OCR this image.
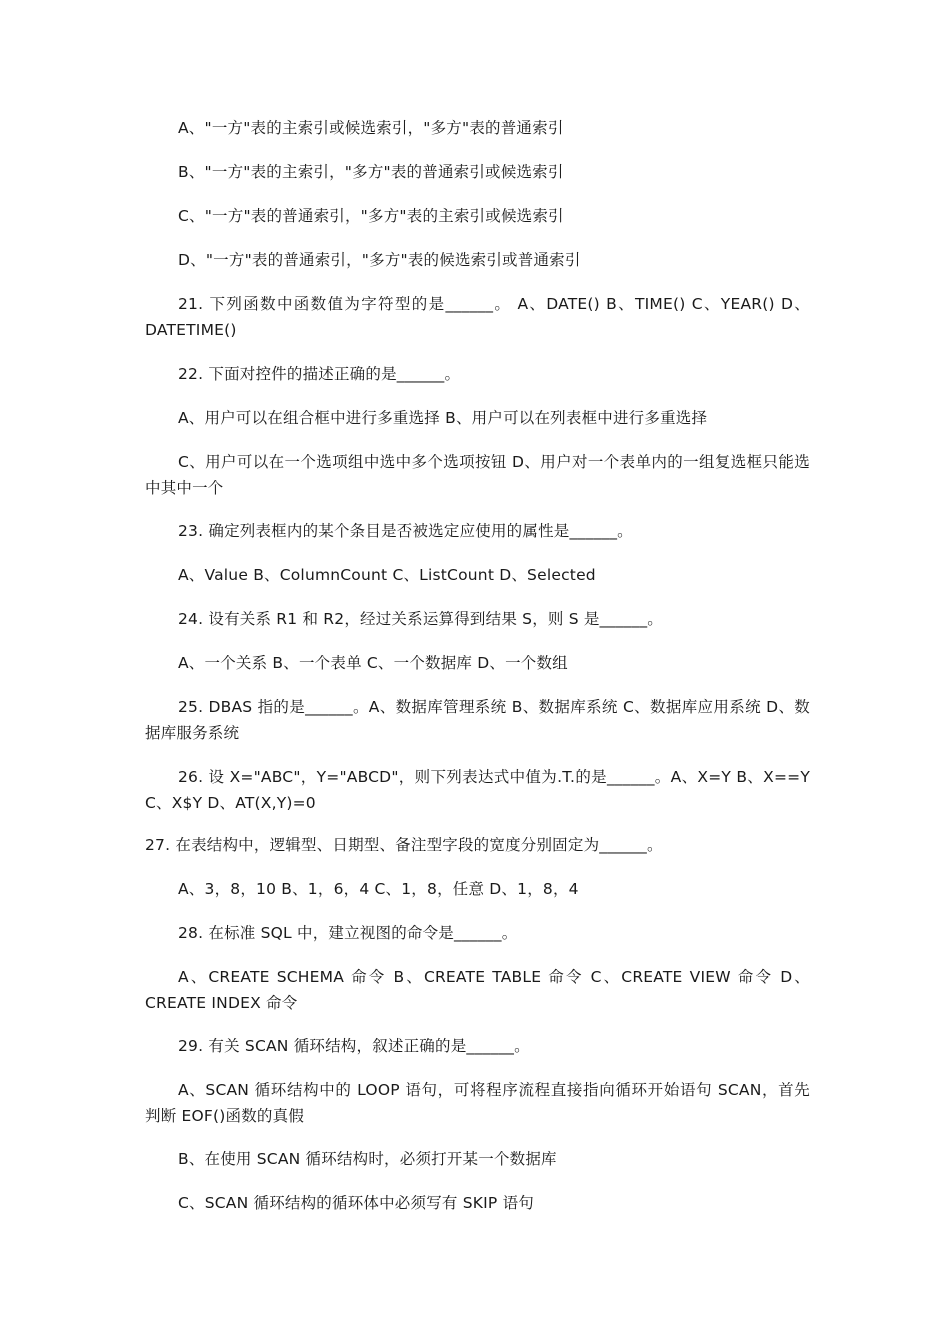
A、"一方"表的主索引或候选索引，"多方"表的普通索引
B、"一方"表的主索引，"多方"表的普通索引或候选索引
C、"一方"表的普通索引，"多方"表的主索引或候选索引
D、"一方"表的普通索引，"多方"表的候选索引或普通索引
21. 下列函数中函数值为字符型的是______。 A、DATE() B、TIME() C、YEAR() D、DATETIME()
22. 下面对控件的描述正确的是______。
A、用户可以在组合框中进行多重选择 B、用户可以在列表框中进行多重选择
C、用户可以在一个选项组中选中多个选项按钮 D、用户对一个表单内的一组复选框只能选中其中一个
23. 确定列表框内的某个条目是否被选定应使用的属性是______。
A、Value B、ColumnCount C、ListCount D、Selected
24. 设有关系 R1 和 R2，经过关系运算得到结果 S，则 S 是______。
A、一个关系 B、一个表单 C、一个数据库 D、一个数组
25. DBAS 指的是______。A、数据库管理系统 B、数据库系统 C、数据库应用系统 D、数据库服务系统
26. 设 X="ABC"，Y="ABCD"，则下列表达式中值为.T.的是______。A、X=Y B、X==Y C、X$Y D、AT(X,Y)=0
27. 在表结构中，逻辑型、日期型、备注型字段的宽度分别固定为______。
A、3，8，10 B、1，6，4 C、1，8，任意 D、1，8，4
28. 在标准 SQL 中，建立视图的命令是______。
A、CREATE SCHEMA 命令 B、CREATE TABLE 命令 C、CREATE VIEW 命令 D、CREATE INDEX 命令
29. 有关 SCAN 循环结构，叙述正确的是______。
A、SCAN 循环结构中的 LOOP 语句，可将程序流程直接指向循环开始语句 SCAN，首先判断 EOF()函数的真假
B、在使用 SCAN 循环结构时，必须打开某一个数据库
C、SCAN 循环结构的循环体中必须写有 SKIP 语句
